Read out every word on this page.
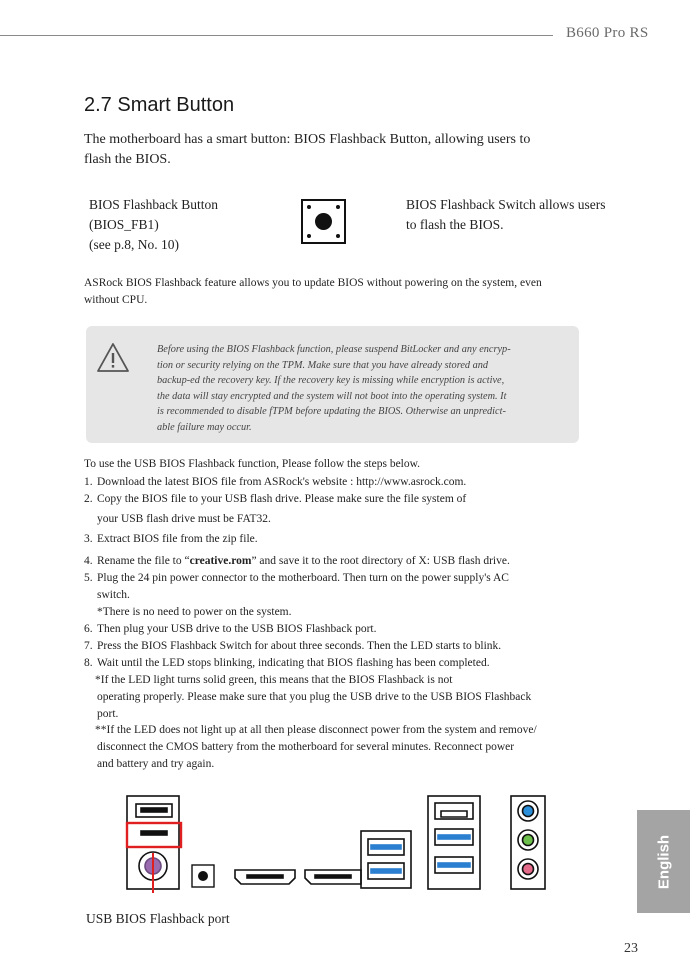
B660 Pro RS
2.7 Smart Button
The motherboard has a smart button: BIOS Flashback Button, allowing users to
flash the BIOS.
BIOS Flashback Button
(BIOS_FB1)
(see p.8, No. 10)
BIOS Flashback Switch allows users
to flash the BIOS.
ASRock BIOS Flashback feature allows you to update BIOS without powering on the system, even
without CPU.
Before using the BIOS Flashback function, please suspend BitLocker and any encryp-
tion or security relying on the TPM. Make sure that you have already stored and
backup-ed the recovery key. If the recovery key is missing while encryption is active,
the data will stay encrypted and the system will not boot into the operating system. It
is recommended to disable fTPM before updating the BIOS. Otherwise an unpredict-
able failure may occur.
To use the USB BIOS Flashback function, Please follow the steps below.
1. Download the latest BIOS file from ASRock's website : http://www.asrock.com.
2. Copy the BIOS file to your USB flash drive. Please make sure the file system of
your USB flash drive must be FAT32.
3. Extract BIOS file from the zip file.
4. Rename the file to “creative.rom” and save it to the root directory of X: USB flash drive.
5. Plug the 24 pin power connector to the motherboard. Then turn on the power supply's AC
switch.
*There is no need to power on the system.
6. Then plug your USB drive to the USB BIOS Flashback port.
7. Press the BIOS Flashback Switch for about three seconds. Then the LED starts to blink.
8. Wait until the LED stops blinking, indicating that BIOS flashing has been completed.
*If the LED light turns solid green, this means that the BIOS Flashback is not
operating properly. Please make sure that you plug the USB drive to the USB BIOS Flashback
port.
**If the LED does not light up at all then please disconnect power from the system and remove/
disconnect the CMOS battery from the motherboard for several minutes. Reconnect power
and battery and try again.
USB BIOS Flashback port
English
23
